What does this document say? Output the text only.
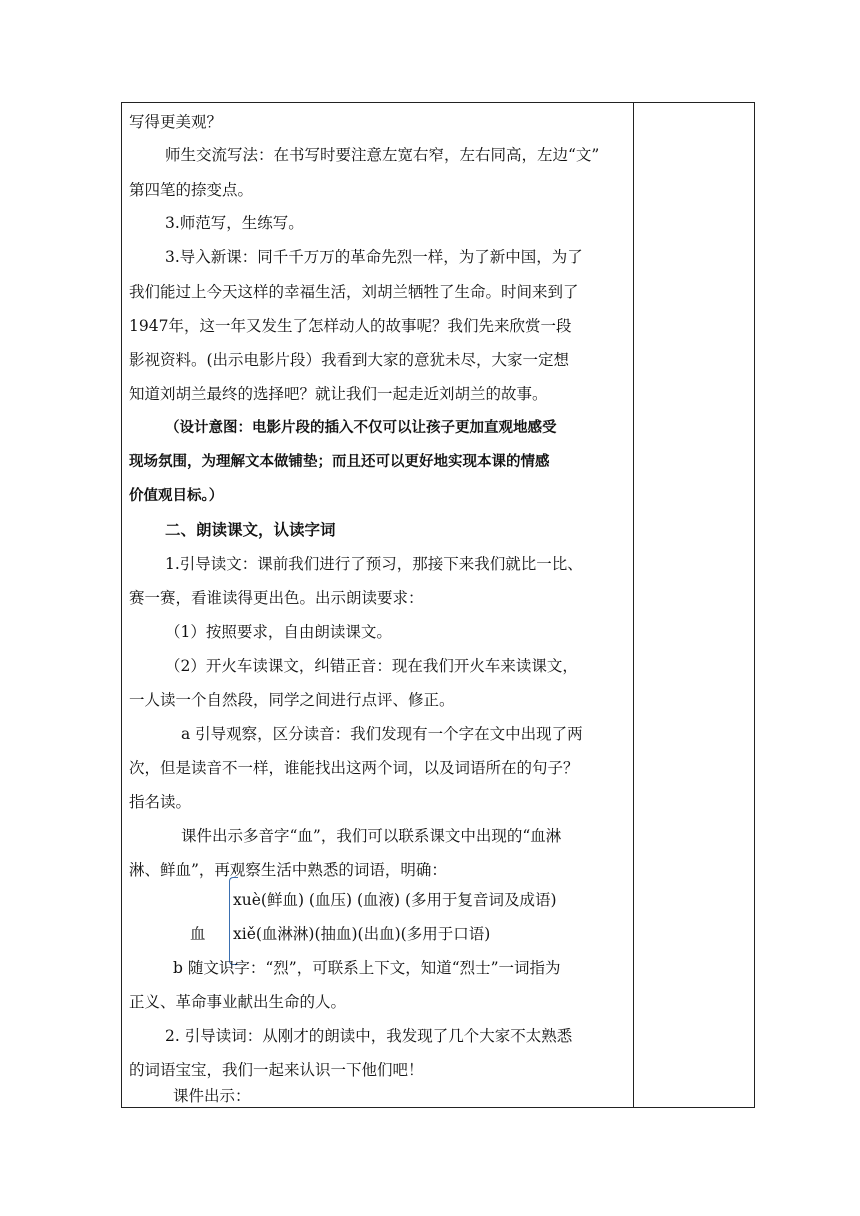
写得更美观？
师生交流写法：在书写时要注意左宽右窄，左右同高，左边“文”
第四笔的捺变点。
3.师范写，生练写。
3.导入新课：同千千万万的革命先烈一样，为了新中国，为了
我们能过上今天这样的幸福生活，刘胡兰牺牲了生命。时间来到了
1947年，这一年又发生了怎样动人的故事呢？我们先来欣赏一段
影视资料。(出示电影片段）我看到大家的意犹未尽，大家一定想
知道刘胡兰最终的选择吧？就让我们一起走近刘胡兰的故事。
（设计意图：电影片段的插入不仅可以让孩子更加直观地感受
现场氛围，为理解文本做铺垫；而且还可以更好地实现本课的情感
价值观目标。）
二、朗读课文，认读字词
1.引导读文：课前我们进行了预习，那接下来我们就比一比、
赛一赛，看谁读得更出色。出示朗读要求：
（1）按照要求，自由朗读课文。
（2）开火车读课文，纠错正音：现在我们开火车来读课文，
一人读一个自然段，同学之间进行点评、修正。
a 引导观察，区分读音：我们发现有一个字在文中出现了两
次，但是读音不一样，谁能找出这两个词，以及词语所在的句子？
指名读。
课件出示多音字“血”，我们可以联系课文中出现的“血淋
淋、鲜血”，再观察生活中熟悉的词语，明确：
xuè(鲜血) (血压) (血液) (多用于复音词及成语)
血 xiě(血淋淋)(抽血)(出血)(多用于口语)
b 随文识字：“烈”，可联系上下文，知道“烈士”一词指为
正义、革命事业献出生命的人。
2. 引导读词：从刚才的朗读中，我发现了几个大家不太熟悉
的词语宝宝，我们一起来认识一下他们吧！
课件出示：
